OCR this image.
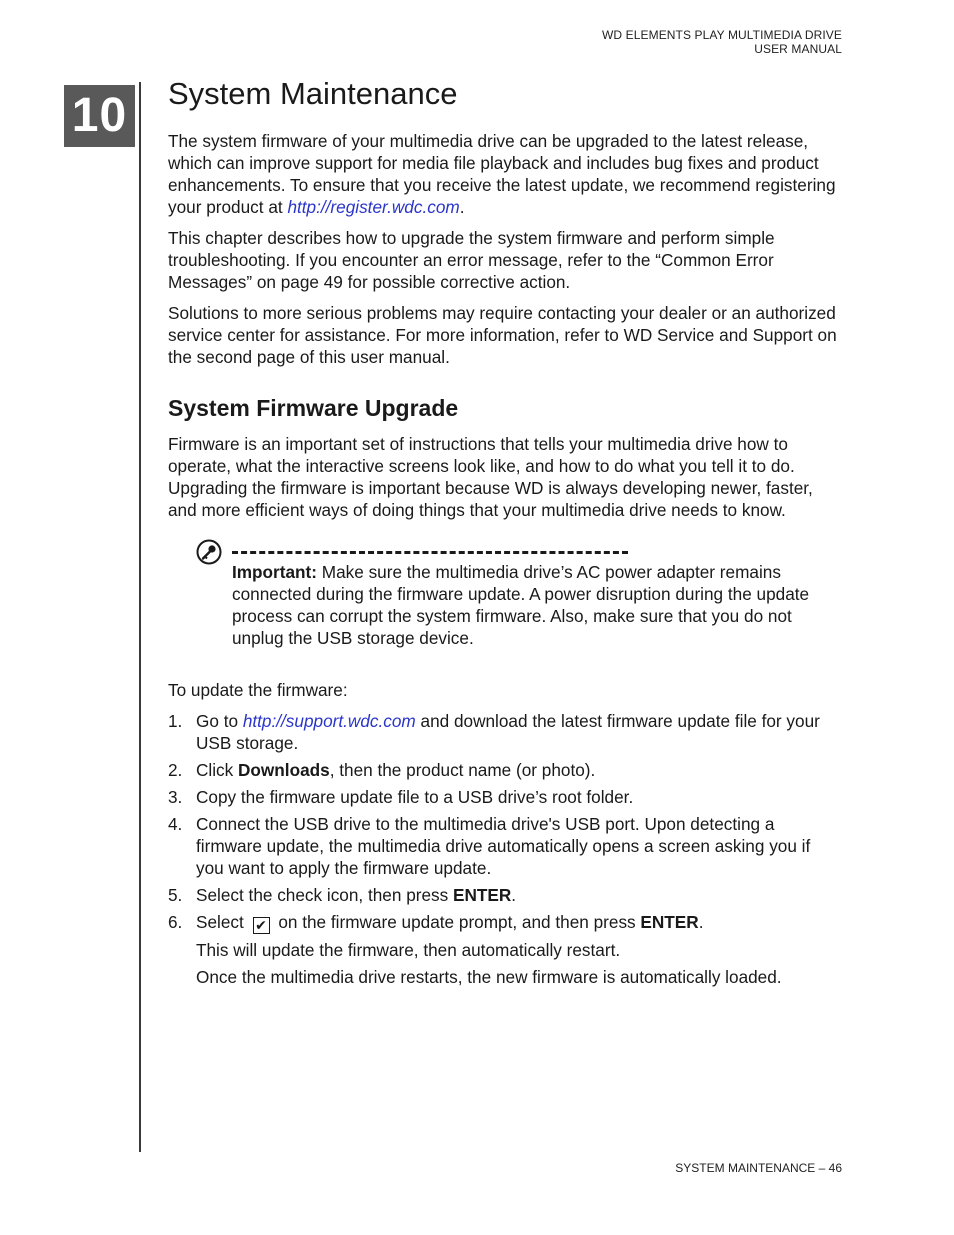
WD ELEMENTS PLAY MULTIMEDIA DRIVE
USER MANUAL
10 System Maintenance

The system firmware of your multimedia drive can be upgraded to the latest release, which can improve support for media file playback and includes bug fixes and product enhancements. To ensure that you receive the latest update, we recommend registering your product at http://register.wdc.com.

This chapter describes how to upgrade the system firmware and perform simple troubleshooting. If you encounter an error message, refer to the “Common Error Messages” on page 49 for possible corrective action.

Solutions to more serious problems may require contacting your dealer or an authorized service center for assistance. For more information, refer to WD Service and Support on the second page of this user manual.

System Firmware Upgrade

Firmware is an important set of instructions that tells your multimedia drive how to operate, what the interactive screens look like, and how to do what you tell it to do. Upgrading the firmware is important because WD is always developing newer, faster, and more efficient ways of doing things that your multimedia drive needs to know.

Important: Make sure the multimedia drive’s AC power adapter remains connected during the firmware update. A power disruption during the update process can corrupt the system firmware. Also, make sure that you do not unplug the USB storage device.

To update the firmware:

1. Go to http://support.wdc.com and download the latest firmware update file for your USB storage.
2. Click Downloads, then the product name (or photo).
3. Copy the firmware update file to a USB drive’s root folder.
4. Connect the USB drive to the multimedia drive's USB port. Upon detecting a firmware update, the multimedia drive automatically opens a screen asking you if you want to apply the firmware update.
5. Select the check icon, then press ENTER.
6. Select ✔ on the firmware update prompt, and then press ENTER.

This will update the firmware, then automatically restart.

Once the multimedia drive restarts, the new firmware is automatically loaded.

SYSTEM MAINTENANCE – 46
